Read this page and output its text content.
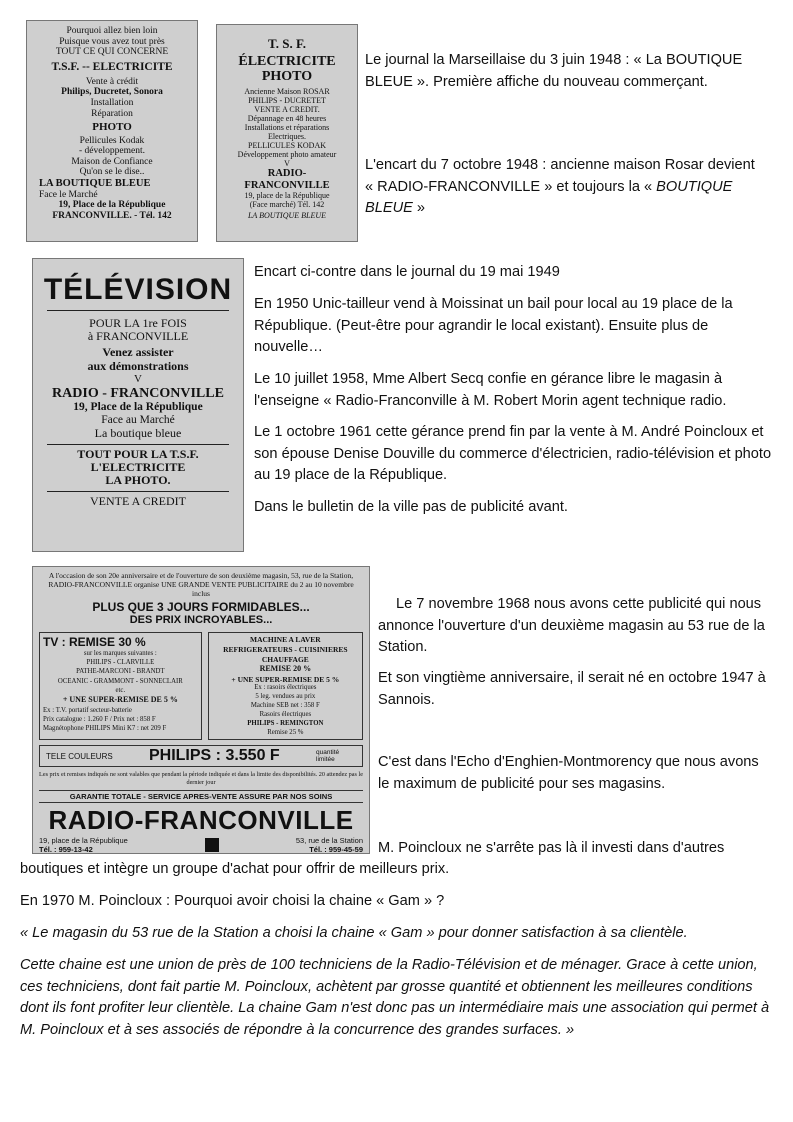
Pourquoi allez bien loin
Puisque vous avez tout près
TOUT CE QUI CONCERNE
T.S.F. -- ELECTRICITE
Vente à crédit
Philips, Ducretet, Sonora
Installation
Réparation
PHOTO
Pellicules Kodak
- développement.
Maison de Confiance
Qu'on se le dise..
LA BOUTIQUE BLEUE
Face le Marché
19, Place de la République
FRANCONVILLE. - Tél. 142
T. S. F.
ÉLECTRICITE
PHOTO
Ancienne Maison ROSAR
PHILIPS - DUCRETET
VENTE A CREDIT.
Dépannage en 48 heures
Installations et réparations
Electriques.
PELLICULES KODAK
Développement photo amateur
V
RADIO-
FRANCONVILLE
19, place de la République
(Face marché) Tél. 142
LA BOUTIQUE BLEUE
TÉLÉVISION
POUR LA 1re FOIS
à FRANCONVILLE
Venez assister
aux démonstrations
V
RADIO - FRANCONVILLE
19, Place de la République
Face au Marché
La boutique bleue
TOUT POUR LA T.S.F.
L'ELECTRICITE
LA PHOTO.
VENTE A CREDIT
A l'occasion de son 20e anniversaire et de l'ouverture de son deuxième magasin, 53, rue de la Station, RADIO-FRANCONVILLE organise UNE GRANDE VENTE PUBLICITAIRE du 2 au 10 novembre inclus
PLUS QUE 3 JOURS FORMIDABLES...
DES PRIX INCROYABLES...
TV : REMISE 30 %
sur les marques suivantes :
PHILIPS - CLARVILLE
PATHE-MARCONI - BRANDT
OCEANIC - GRAMMONT - SONNECLAIR
etc.
+ UNE SUPER-REMISE DE 5 %
Ex : T.V. portatif secteur-batterie
Prix catalogue : 1.260 F / Prix net : 858 F
Magnétophone PHILIPS Mini K7 : net 209 F
MACHINE A LAVER
REFRIGERATEURS - CUISINIERES
CHAUFFAGE
REMISE 20 %
+ UNE SUPER-REMISE DE 5 %
Ex : rasoirs électriques
5 leg. vendues au prix
Machine SEB net : 358 F
Rasoirs électriques
PHILIPS - REMINGTON
Remise 25 %
TELE COULEURS PHILIPS : 3.550 F	quantité limitée
Les prix et remises indiqués ne sont valables que pendant la période indiquée et dans la limite des disponibilités. 20 attendez pas le dernier jour
GARANTIE TOTALE - SERVICE APRES-VENTE ASSURE PAR NOS SOINS
RADIO-FRANCONVILLE
19, place de la République
Tél. : 959-13-42
53, rue de la Station
Tél. : 959-45-59

Le journal la Marseillaise du 3 juin 1948 : « La BOUTIQUE BLEUE ». Première affiche du nouveau commerçant.

L'encart du 7 octobre 1948 : ancienne maison Rosar devient « RADIO-FRANCONVILLE » et toujours la « BOUTIQUE BLEUE »

Encart ci-contre dans le journal du 19 mai 1949

En 1950 Unic-tailleur vend à Moissinat un bail pour local au 19 place de la République. (Peut-être pour agrandir le local existant). Ensuite plus de nouvelle…

Le 10 juillet 1958, Mme Albert Secq confie en gérance libre le magasin à l'enseigne « Radio-Franconville à M. Robert Morin agent technique radio.

Le 1 octobre 1961 cette gérance prend fin par la vente à M. André Poincloux et son épouse Denise Douville du commerce d'électricien, radio-télévision et photo au 19 place de la République.

Dans le bulletin de la ville pas de publicité avant.

Le 7 novembre 1968 nous avons cette publicité qui nous annonce l'ouverture d'un deuxième magasin au 53 rue de la Station.

Et son vingtième anniversaire, il serait né en octobre 1947 à Sannois.

C'est dans l'Echo d'Enghien-Montmorency que nous avons le maximum de publicité pour ses magasins.

M. Poincloux ne s'arrête pas là il investi dans d'autres

boutiques et intègre un groupe d'achat pour offrir de meilleurs prix.

En 1970 M. Poincloux : Pourquoi avoir choisi la chaine « Gam » ?

« Le magasin du 53 rue de la Station a choisi la chaine « Gam » pour donner satisfaction à sa clientèle.

Cette chaine est une union de près de 100 techniciens de la Radio-Télévision et de ménager. Grace à cette union, ces techniciens, dont fait partie M. Poincloux, achètent par grosse quantité et obtiennent les meilleures conditions dont ils font profiter leur clientèle. La chaine Gam n'est donc pas un intermédiaire mais une association qui permet à M. Poincloux et à ses associés de répondre à la concurrence des grandes surfaces. »
